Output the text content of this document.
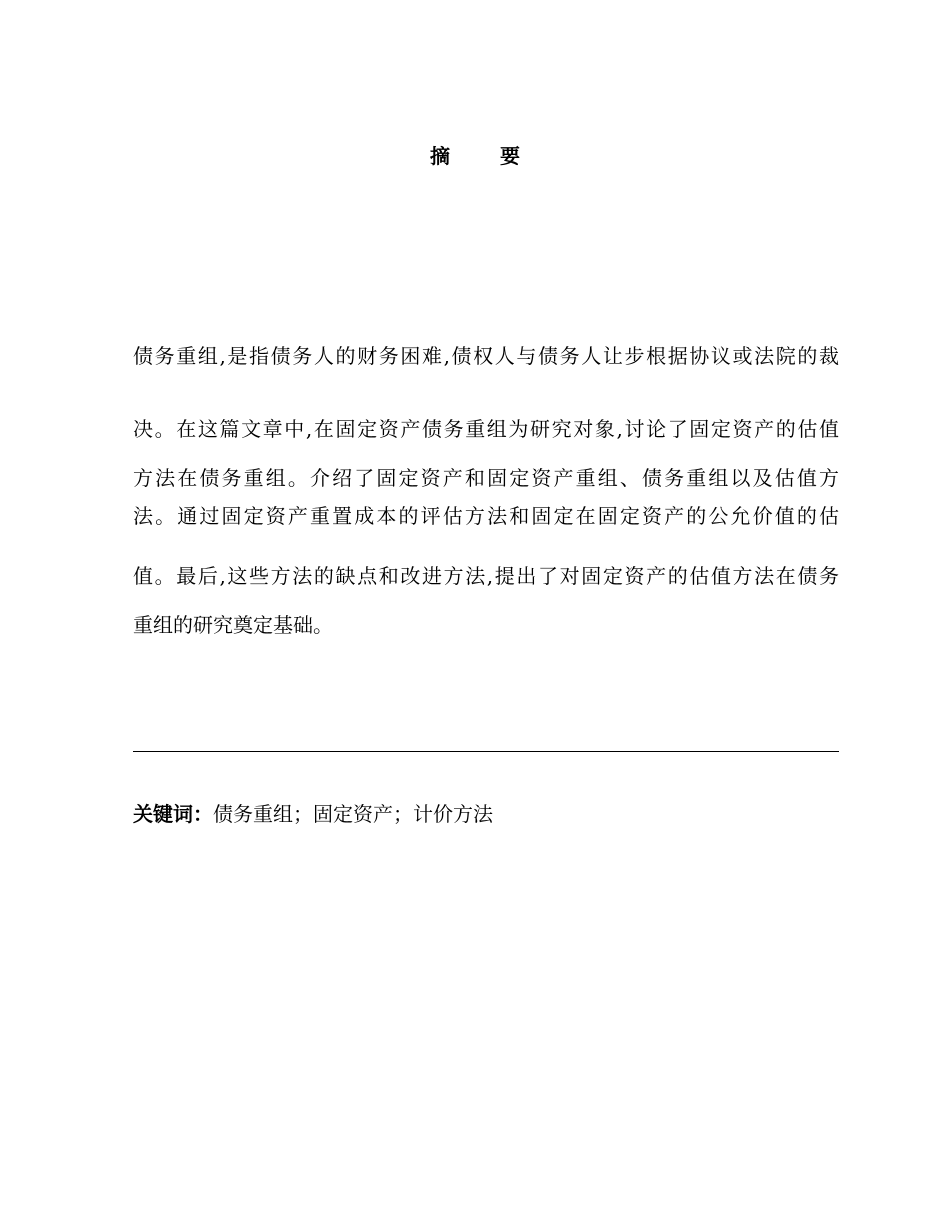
摘	要
债务重组,是指债务人的财务困难,债权人与债务人让步根据协议或法院的裁
决。在这篇文章中,在固定资产债务重组为研究对象,讨论了固定资产的估值
方法在债务重组。介绍了固定资产和固定资产重组、债务重组以及估值方
法。通过固定资产重置成本的评估方法和固定在固定资产的公允价值的估
值。最后,这些方法的缺点和改进方法,提出了对固定资产的估值方法在债务
重组的研究奠定基础。
关键词：债务重组；固定资产；计价方法
